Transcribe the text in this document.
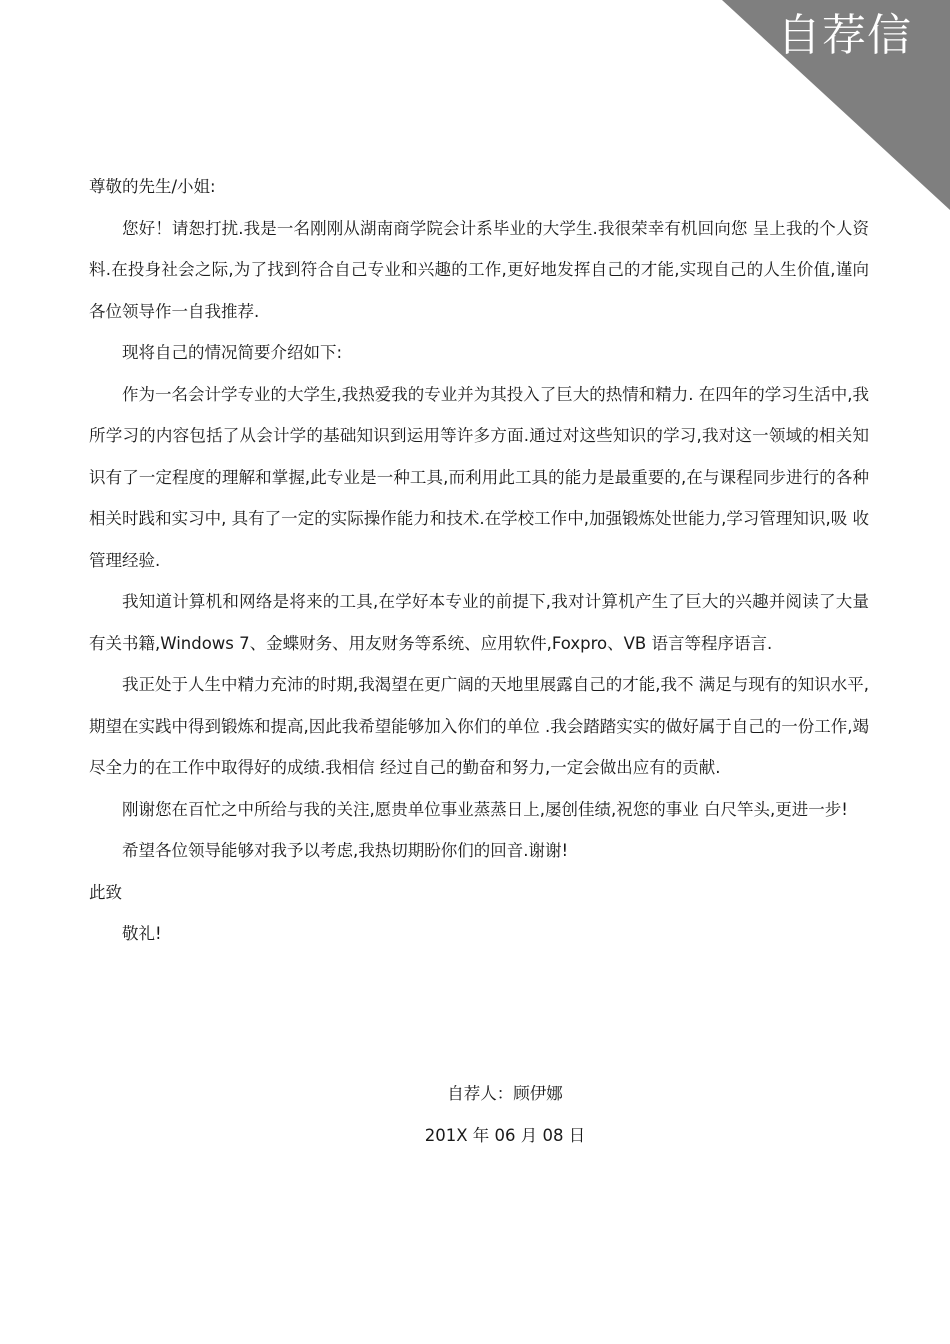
自荐信

尊敬的先生/小姐:

您好！请恕打扰.我是一名刚刚从湖南商学院会计系毕业的大学生.我很荣幸有机回向您 呈上我的个人资料.在投身社会之际,为了找到符合自己专业和兴趣的工作,更好地发挥自己的才能,实现自己的人生价值,谨向各位领导作一自我推荐.

现将自己的情况简要介绍如下:

作为一名会计学专业的大学生,我热爱我的专业并为其投入了巨大的热情和精力. 在四年的学习生活中,我所学习的内容包括了从会计学的基础知识到运用等许多方面.通过对这些知识的学习,我对这一领域的相关知识有了一定程度的理解和掌握,此专业是一种工具,而利用此工具的能力是最重要的,在与课程同步进行的各种相关时践和实习中, 具有了一定的实际操作能力和技术.在学校工作中,加强锻炼处世能力,学习管理知识,吸 收管理经验.

我知道计算机和网络是将来的工具,在学好本专业的前提下,我对计算机产生了巨大的兴趣并阅读了大量有关书籍,Windows 7、金蝶财务、用友财务等系统、应用软件,Foxpro、VB 语言等程序语言.

我正处于人生中精力充沛的时期,我渴望在更广阔的天地里展露自己的才能,我不 满足与现有的知识水平,期望在实践中得到锻炼和提高,因此我希望能够加入你们的单位 .我会踏踏实实的做好属于自己的一份工作,竭尽全力的在工作中取得好的成绩.我相信 经过自己的勤奋和努力,一定会做出应有的贡献.

刚谢您在百忙之中所给与我的关注,愿贵单位事业蒸蒸日上,屡创佳绩,祝您的事业 白尺竿头,更进一步!

希望各位领导能够对我予以考虑,我热切期盼你们的回音.谢谢!

此致

敬礼!

自荐人：顾伊娜

201X 年 06 月 08 日
